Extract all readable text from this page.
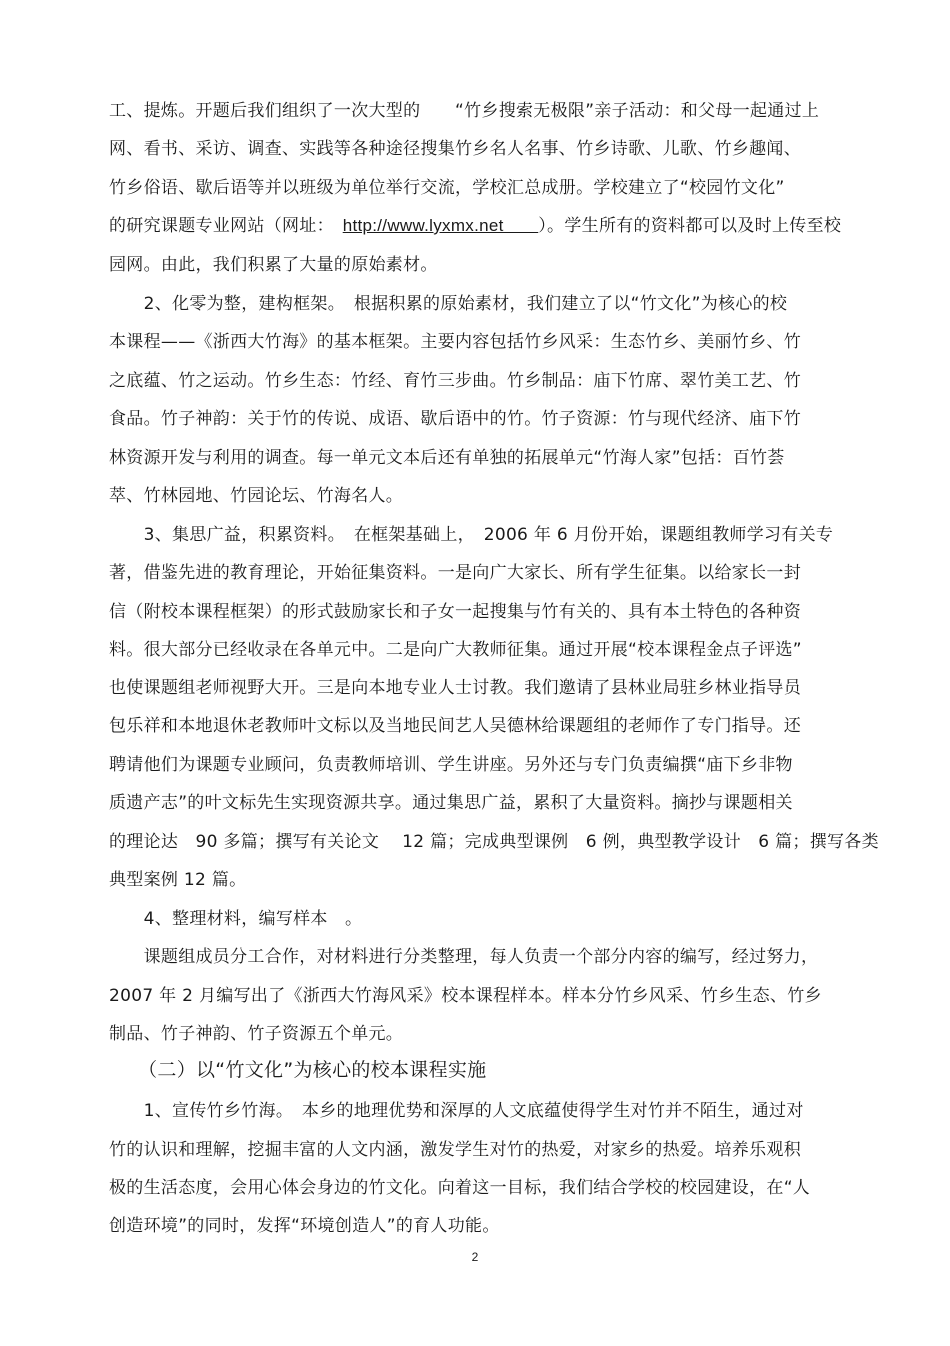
工、提炼。开题后我们组织了一次大型的　　“竹乡搜索无极限”亲子活动：和父母一起通过上
网、看书、采访、调查、实践等各种途径搜集竹乡名人名事、竹乡诗歌、儿歌、竹乡趣闻、
竹乡俗语、歇后语等并以班级为单位举行交流，学校汇总成册。学校建立了“校园竹文化”
的研究课题专业网站（网址：　http://www.lyxmx.net　　）。学生所有的资料都可以及时上传至校
园网。由此，我们积累了大量的原始素材。
　　2、化零为整，建构框架。　根据积累的原始素材，我们建立了以“竹文化”为核心的校
本课程——《浙西大竹海》的基本框架。主要内容包括竹乡风采：生态竹乡、美丽竹乡、竹
之底蕴、竹之运动。竹乡生态：竹经、育竹三步曲。竹乡制品：庙下竹席、翠竹美工艺、竹
食品。竹子神韵：关于竹的传说、成语、歇后语中的竹。竹子资源：竹与现代经济、庙下竹
林资源开发与利用的调查。每一单元文本后还有单独的拓展单元“竹海人家”包括：百竹荟
萃、竹林园地、竹园论坛、竹海名人。
　　3、集思广益，积累资料。　在框架基础上，　2006 年 6 月份开始，课题组教师学习有关专
著，借鉴先进的教育理论，开始征集资料。一是向广大家长、所有学生征集。以给家长一封
信（附校本课程框架）的形式鼓励家长和子女一起搜集与竹有关的、具有本土特色的各种资
料。很大部分已经收录在各单元中。二是向广大教师征集。通过开展“校本课程金点子评选”
也使课题组老师视野大开。三是向本地专业人士讨教。我们邀请了县林业局驻乡林业指导员
包乐祥和本地退休老教师叶文标以及当地民间艺人吴德林给课题组的老师作了专门指导。还
聘请他们为课题专业顾问，负责教师培训、学生讲座。另外还与专门负责编撰“庙下乡非物
质遗产志”的叶文标先生实现资源共享。通过集思广益，累积了大量资料。摘抄与课题相关
的理论达　90 多篇；撰写有关论文　 12 篇；完成典型课例　6 例，典型教学设计　6 篇；撰写各类
典型案例 12 篇。
　　4、整理材料，编写样本　。
　　课题组成员分工合作，对材料进行分类整理，每人负责一个部分内容的编写，经过努力，
2007 年 2 月编写出了《浙西大竹海风采》校本课程样本。样本分竹乡风采、竹乡生态、竹乡
制品、竹子神韵、竹子资源五个单元。
　　（二）以“竹文化”为核心的校本课程实施
　　1、宣传竹乡竹海。　本乡的地理优势和深厚的人文底蕴使得学生对竹并不陌生，通过对
竹的认识和理解，挖掘丰富的人文内涵，激发学生对竹的热爱，对家乡的热爱。培养乐观积
极的生活态度，会用心体会身边的竹文化。向着这一目标，我们结合学校的校园建设，在“人
创造环境”的同时，发挥“环境创造人”的育人功能。
2
